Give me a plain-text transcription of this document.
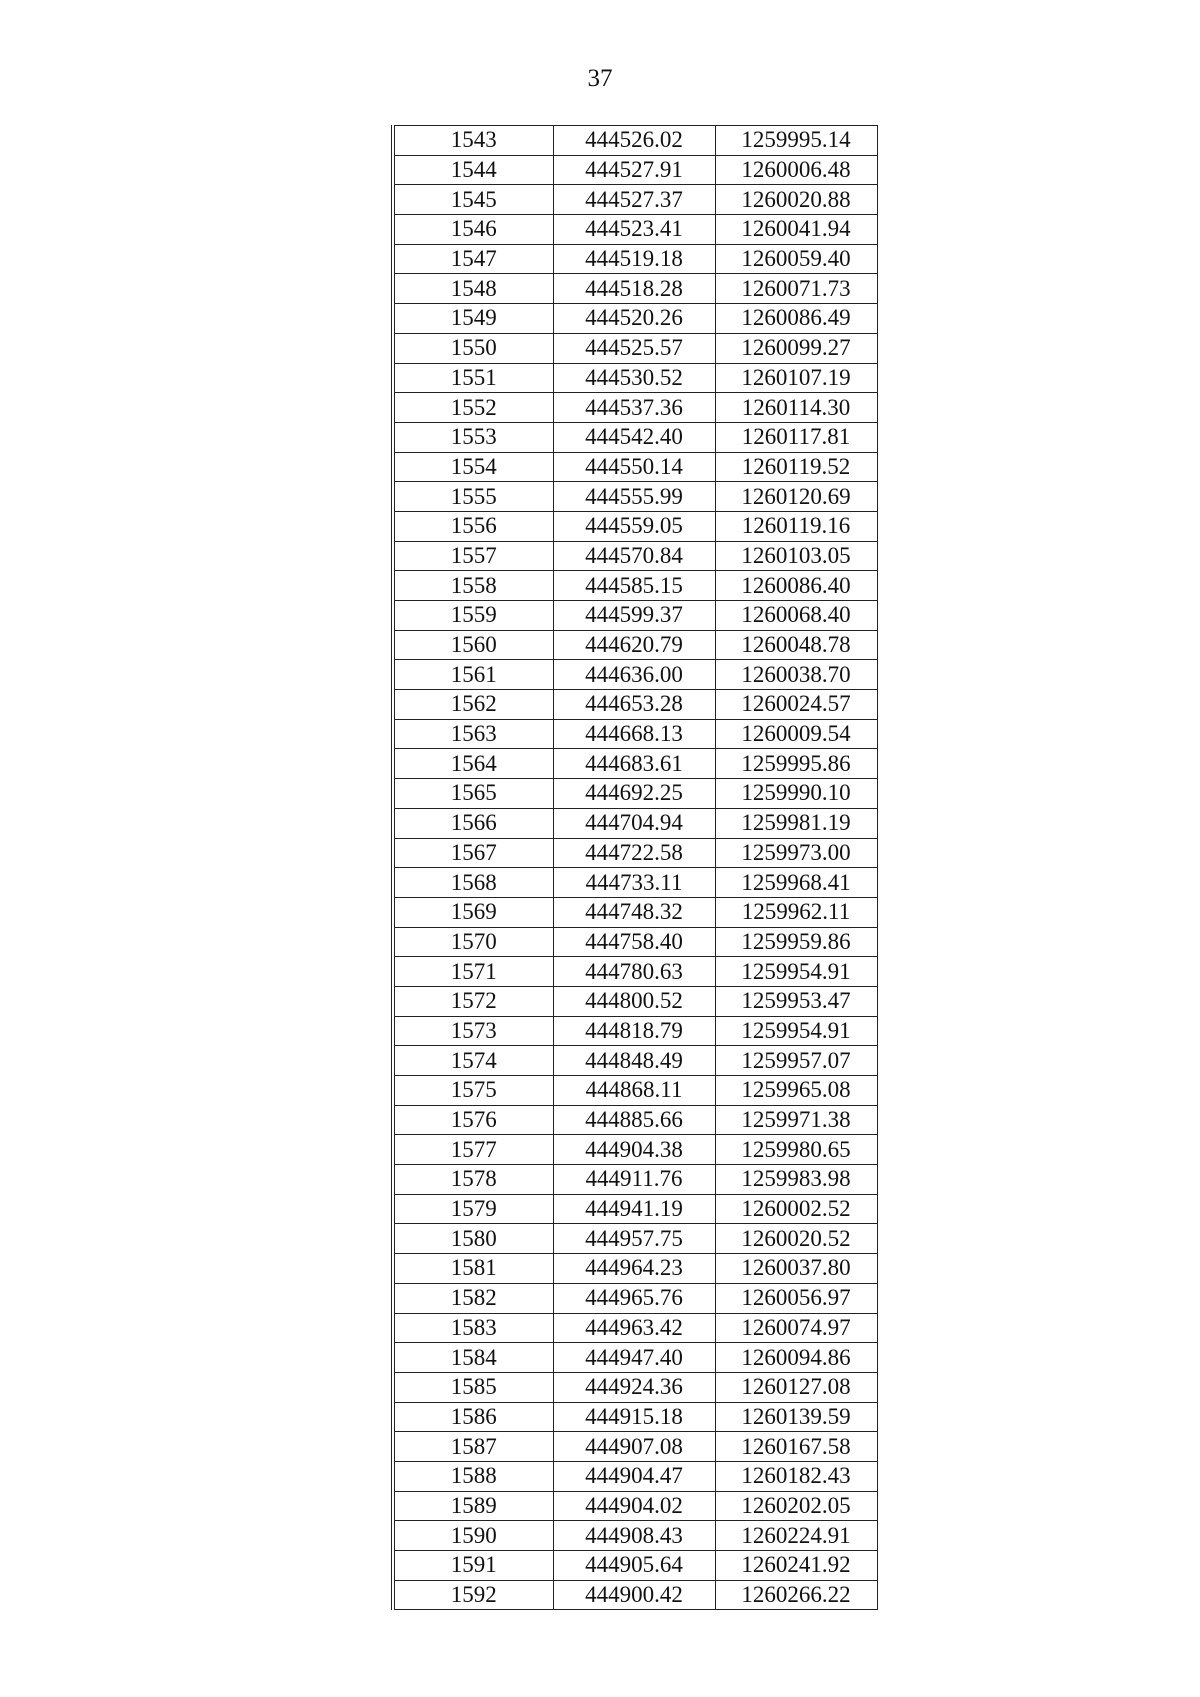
37
1543	444526.02	1259995.14
1544	444527.91	1260006.48
1545	444527.37	1260020.88
1546	444523.41	1260041.94
1547	444519.18	1260059.40
1548	444518.28	1260071.73
1549	444520.26	1260086.49
1550	444525.57	1260099.27
1551	444530.52	1260107.19
1552	444537.36	1260114.30
1553	444542.40	1260117.81
1554	444550.14	1260119.52
1555	444555.99	1260120.69
1556	444559.05	1260119.16
1557	444570.84	1260103.05
1558	444585.15	1260086.40
1559	444599.37	1260068.40
1560	444620.79	1260048.78
1561	444636.00	1260038.70
1562	444653.28	1260024.57
1563	444668.13	1260009.54
1564	444683.61	1259995.86
1565	444692.25	1259990.10
1566	444704.94	1259981.19
1567	444722.58	1259973.00
1568	444733.11	1259968.41
1569	444748.32	1259962.11
1570	444758.40	1259959.86
1571	444780.63	1259954.91
1572	444800.52	1259953.47
1573	444818.79	1259954.91
1574	444848.49	1259957.07
1575	444868.11	1259965.08
1576	444885.66	1259971.38
1577	444904.38	1259980.65
1578	444911.76	1259983.98
1579	444941.19	1260002.52
1580	444957.75	1260020.52
1581	444964.23	1260037.80
1582	444965.76	1260056.97
1583	444963.42	1260074.97
1584	444947.40	1260094.86
1585	444924.36	1260127.08
1586	444915.18	1260139.59
1587	444907.08	1260167.58
1588	444904.47	1260182.43
1589	444904.02	1260202.05
1590	444908.43	1260224.91
1591	444905.64	1260241.92
1592	444900.42	1260266.22
